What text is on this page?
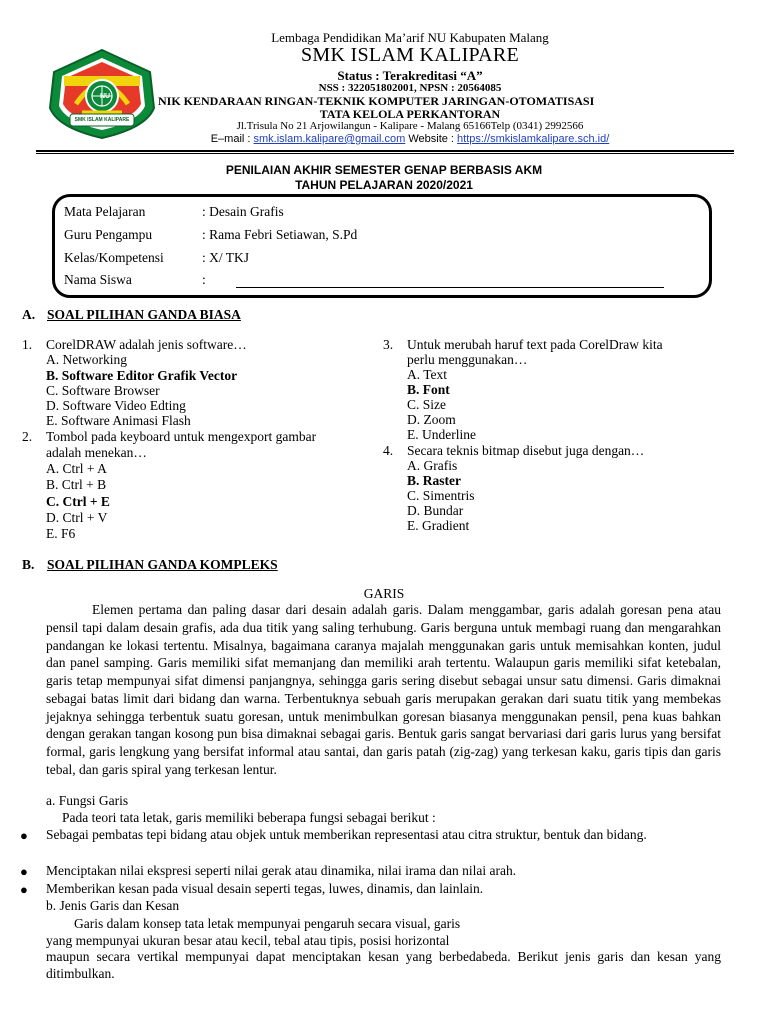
NU
SMK ISLAM KALIPARE
Lembaga Pendidikan Ma’arif NU Kabupaten Malang
SMK ISLAM KALIPARE
Status : Terakreditasi “A”
NSS : 322051802001, NPSN : 20564085
NIK KENDARAAN RINGAN-TEKNIK KOMPUTER JARINGAN-OTOMATISASI
TATA KELOLA PERKANTORAN
Jl.Trisula No 21 Arjowilangun - Kalipare - Malang 65166Telp (0341) 2992566
E–mail : smk.islam.kalipare@gmail.com Website : https://smkislamkalipare.sch.id/
PENILAIAN AKHIR SEMESTER GENAP BERBASIS AKM
TAHUN PELAJARAN 2020/2021
Mata Pelajaran	: Desain Grafis
Guru Pengampu	: Rama Febri Setiawan, S.Pd
Kelas/Kompetensi	: X/ TKJ
Nama Siswa	:
A. SOAL PILIHAN GANDA BIASA
1. CorelDRAW adalah jenis software…
A. Networking
B. Software Editor Grafik Vector
C. Software Browser
D. Software Video Edting
E. Software Animasi Flash
2. Tombol pada keyboard untuk mengexport gambar
adalah menekan…
A. Ctrl + A
B. Ctrl + B
C. Ctrl + E
D. Ctrl + V
E. F6
3. Untuk merubah haruf text pada CorelDraw kita
perlu menggunakan…
A. Text
B. Font
C. Size
D. Zoom
E. Underline
4. Secara teknis bitmap disebut juga dengan…
A. Grafis
B. Raster
C. Simentris
D. Bundar
E. Gradient
B. SOAL PILIHAN GANDA KOMPLEKS
GARIS
Elemen pertama dan paling dasar dari desain adalah garis. Dalam menggambar, garis adalah goresan pena atau pensil tapi dalam desain grafis, ada dua titik yang saling terhubung. Garis berguna untuk membagi ruang dan mengarahkan pandangan ke lokasi tertentu. Misalnya, bagaimana caranya majalah menggunakan garis untuk memisahkan konten, judul dan panel samping. Garis memiliki sifat memanjang dan memiliki arah tertentu. Walaupun garis memiliki sifat ketebalan, garis tetap mempunyai sifat dimensi panjangnya, sehingga garis sering disebut sebagai unsur satu dimensi. Garis dimaknai sebagai batas limit dari bidang dan warna. Terbentuknya sebuah garis merupakan gerakan dari suatu titik yang membekas jejaknya sehingga terbentuk suatu goresan, untuk menimbulkan goresan biasanya menggunakan pensil, pena kuas bahkan dengan gerakan tangan kosong pun bisa dimaknai sebagai garis. Bentuk garis sangat bervariasi dari garis lurus yang bersifat formal, garis lengkung yang bersifat informal atau santai, dan garis patah (zig-zag) yang terkesan kaku, garis tipis dan garis tebal, dan garis spiral yang terkesan lentur.
a. Fungsi Garis
Pada teori tata letak, garis memiliki beberapa fungsi sebagai berikut :
● Sebagai pembatas tepi bidang atau objek untuk memberikan representasi atau citra struktur, bentuk dan bidang.
● Menciptakan nilai ekspresi seperti nilai gerak atau dinamika, nilai irama dan nilai arah.
● Memberikan kesan pada visual desain seperti tegas, luwes, dinamis, dan lainlain.
b. Jenis Garis dan Kesan
Garis dalam konsep tata letak mempunyai pengaruh secara visual, garis
yang mempunyai ukuran besar atau kecil, tebal atau tipis, posisi horizontal
maupun secara vertikal mempunyai dapat menciptakan kesan yang berbedabeda. Berikut jenis garis dan kesan yang ditimbulkan.
